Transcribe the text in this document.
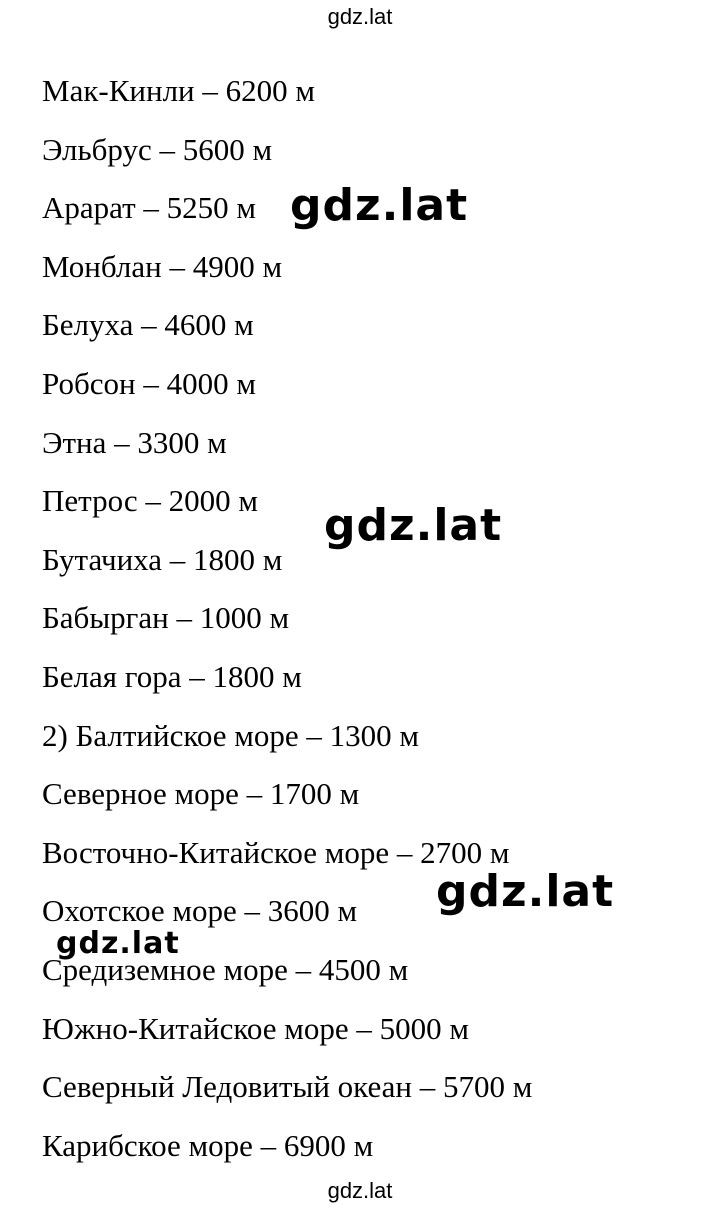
gdz.lat
Мак-Кинли – 6200 м
Эльбрус – 5600 м
Арарат – 5250 м
Монблан – 4900 м
Белуха – 4600 м
Робсон – 4000 м
Этна – 3300 м
Петрос – 2000 м
Бутачиха – 1800 м
Бабырган – 1000 м
Белая гора – 1800 м
2) Балтийское море – 1300 м
Северное море – 1700 м
Восточно-Китайское море – 2700 м
Охотское море – 3600 м
Средиземное море – 4500 м
Южно-Китайское море – 5000 м
Северный Ледовитый океан – 5700 м
Карибское море – 6900 м
gdz.lat
gdz.lat
gdz.lat
gdz.lat
gdz.lat
